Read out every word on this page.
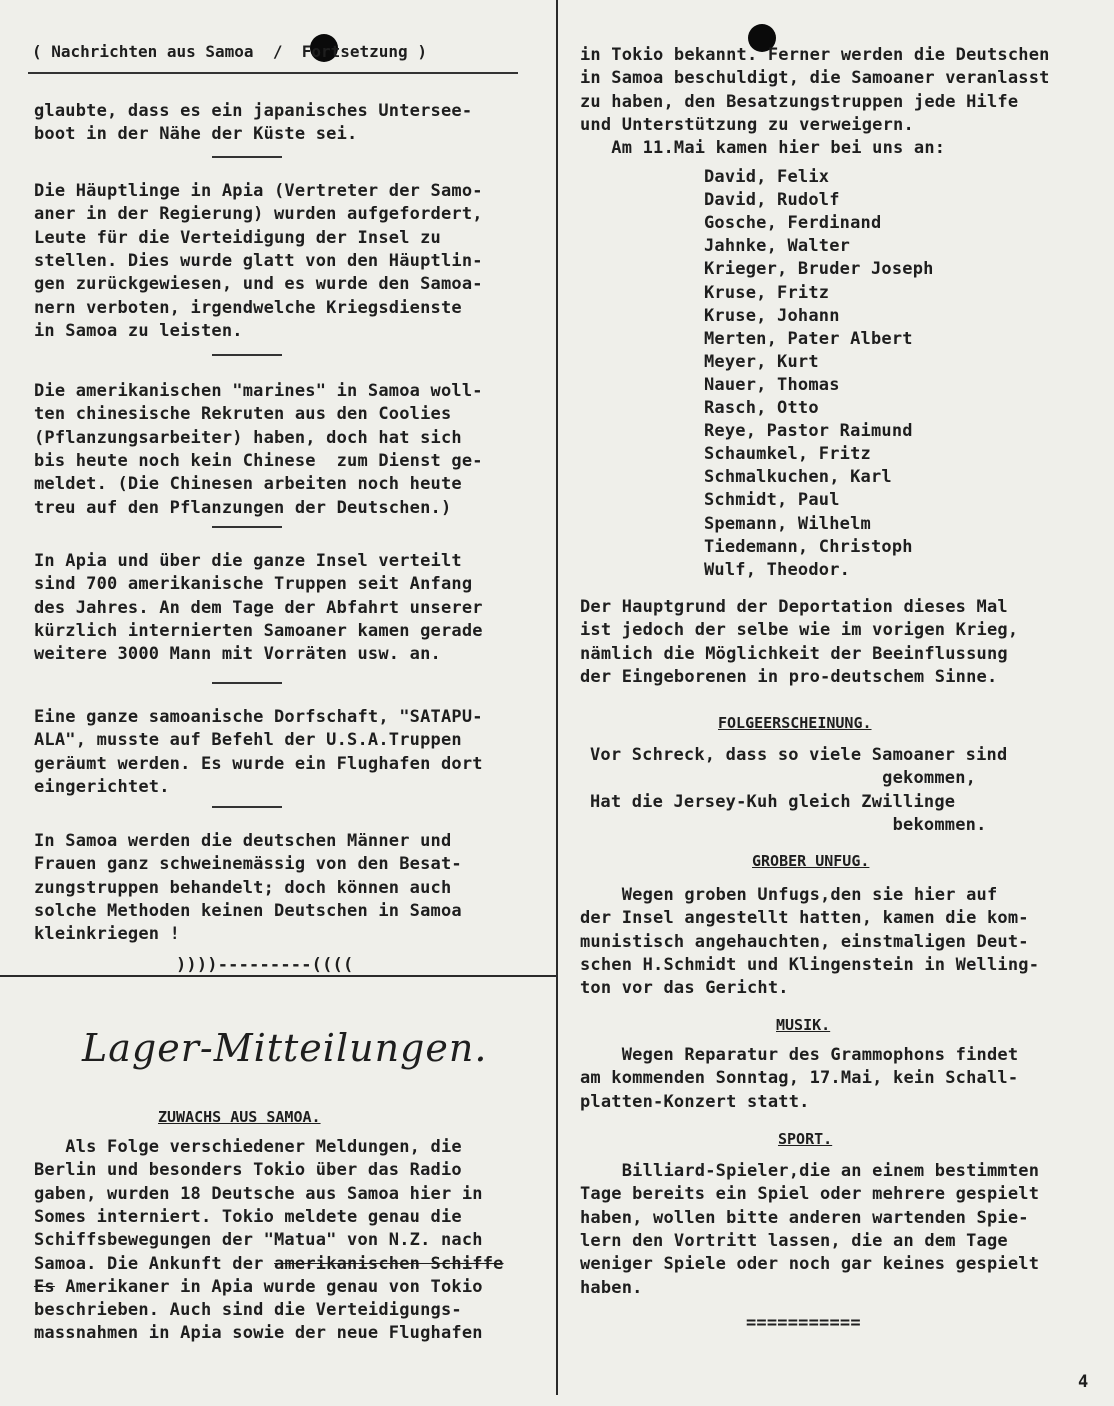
( Nachrichten aus Samoa  /  Fortsetzung )
glaubte, dass es ein japanisches Untersee-
boot in der Nähe der Küste sei.
Die Häuptlinge in Apia (Vertreter der Samo-
aner in der Regierung) wurden aufgefordert,
Leute für die Verteidigung der Insel zu
stellen. Dies wurde glatt von den Häuptlin-
gen zurückgewiesen, und es wurde den Samoa-
nern verboten, irgendwelche Kriegsdienste
in Samoa zu leisten.
Die amerikanischen "marines" in Samoa woll-
ten chinesische Rekruten aus den Coolies
(Pflanzungsarbeiter) haben, doch hat sich
bis heute noch kein Chinese  zum Dienst ge-
meldet. (Die Chinesen arbeiten noch heute
treu auf den Pflanzungen der Deutschen.)
In Apia und über die ganze Insel verteilt
sind 700 amerikanische Truppen seit Anfang
des Jahres. An dem Tage der Abfahrt unserer
kürzlich internierten Samoaner kamen gerade
weitere 3000 Mann mit Vorräten usw. an.
Eine ganze samoanische Dorfschaft, "SATAPU-
ALA", musste auf Befehl der U.S.A.Truppen
geräumt werden. Es wurde ein Flughafen dort
eingerichtet.
In Samoa werden die deutschen Männer und
Frauen ganz schweinemässig von den Besat-
zungstruppen behandelt; doch können auch
solche Methoden keinen Deutschen in Samoa
kleinkriegen !
))))---------((((
Lager-Mitteilungen.
ZUWACHS AUS SAMOA.
Als Folge verschiedener Meldungen, die
Berlin und besonders Tokio über das Radio
gaben, wurden 18 Deutsche aus Samoa hier in
Somes interniert. Tokio meldete genau die
Schiffsbewegungen der "Matua" von N.Z. nach
Samoa. Die Ankunft der amerikanischen Schiffe
Es Amerikaner in Apia wurde genau von Tokio
beschrieben. Auch sind die Verteidigungs-
massnahmen in Apia sowie der neue Flughafen
in Tokio bekannt. Ferner werden die Deutschen
in Samoa beschuldigt, die Samoaner veranlasst
zu haben, den Besatzungstruppen jede Hilfe
und Unterstützung zu verweigern.
Am 11.Mai kamen hier bei uns an:
David, Felix
David, Rudolf
Gosche, Ferdinand
Jahnke, Walter
Krieger, Bruder Joseph
Kruse, Fritz
Kruse, Johann
Merten, Pater Albert
Meyer, Kurt
Nauer, Thomas
Rasch, Otto
Reye, Pastor Raimund
Schaumkel, Fritz
Schmalkuchen, Karl
Schmidt, Paul
Spemann, Wilhelm
Tiedemann, Christoph
Wulf, Theodor.
Der Hauptgrund der Deportation dieses Mal
ist jedoch der selbe wie im vorigen Krieg,
nämlich die Möglichkeit der Beeinflussung
der Eingeborenen in pro-deutschem Sinne.
FOLGEERSCHEINUNG.
Vor Schreck, dass so viele Samoaner sind
gekommen,
Hat die Jersey-Kuh gleich Zwillinge
bekommen.
GROBER UNFUG.
Wegen groben Unfugs,den sie hier auf
der Insel angestellt hatten, kamen die kom-
munistisch angehauchten, einstmaligen Deut-
schen H.Schmidt und Klingenstein in Welling-
ton vor das Gericht.
MUSIK.
Wegen Reparatur des Grammophons findet
am kommenden Sonntag, 17.Mai, kein Schall-
platten-Konzert statt.
SPORT.
Billiard-Spieler,die an einem bestimmten
Tage bereits ein Spiel oder mehrere gespielt
haben, wollen bitte anderen wartenden Spie-
lern den Vortritt lassen, die an dem Tage
weniger Spiele oder noch gar keines gespielt
haben.
===========
4
